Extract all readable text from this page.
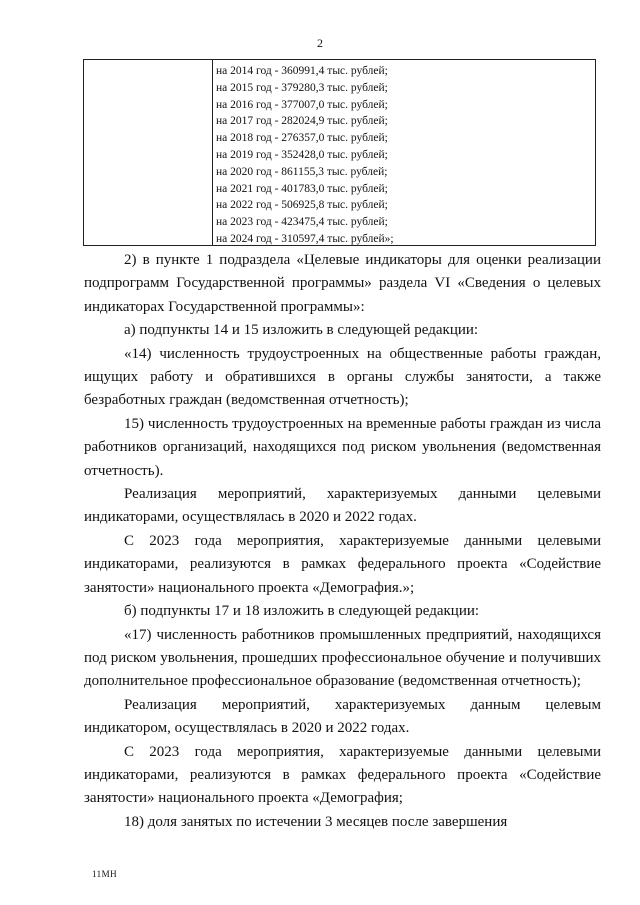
2
на 2014 год - 360991,4 тыс. рублей;
на 2015 год - 379280,3 тыс. рублей;
на 2016 год - 377007,0 тыс. рублей;
на 2017 год - 282024,9 тыс. рублей;
на 2018 год - 276357,0 тыс. рублей;
на 2019 год - 352428,0 тыс. рублей;
на 2020 год - 861155,3 тыс. рублей;
на 2021 год - 401783,0 тыс. рублей;
на 2022 год - 506925,8 тыс. рублей;
на 2023 год - 423475,4 тыс. рублей;
на 2024 год - 310597,4 тыс. рублей»;

2) в пункте 1 подраздела «Целевые индикаторы для оценки реализации подпрограмм Государственной программы» раздела VI «Сведения о целевых индикаторах Государственной программы»:

а) подпункты 14 и 15 изложить в следующей редакции:

«14) численность трудоустроенных на общественные работы граждан, ищущих работу и обратившихся в органы службы занятости, а также безработных граждан (ведомственная отчетность);

15) численность трудоустроенных на временные работы граждан из числа работников организаций, находящихся под риском увольнения (ведомственная отчетность).

Реализация мероприятий, характеризуемых данными целевыми индикаторами, осуществлялась в 2020 и 2022 годах.

С 2023 года мероприятия, характеризуемые данными целевыми индикаторами, реализуются в рамках федерального проекта «Содействие занятости» национального проекта «Демография.»;

б) подпункты 17 и 18 изложить в следующей редакции:

«17) численность работников промышленных предприятий, находящихся под риском увольнения, прошедших профессиональное обучение и получивших дополнительное профессиональное образование (ведомственная отчетность);

Реализация мероприятий, характеризуемых данным целевым индикатором, осуществлялась в 2020 и 2022 годах.

С 2023 года мероприятия, характеризуемые данными целевыми индикаторами, реализуются в рамках федерального проекта «Содействие занятости» национального проекта «Демография;

18) доля занятых по истечении 3 месяцев после завершения

11МН
